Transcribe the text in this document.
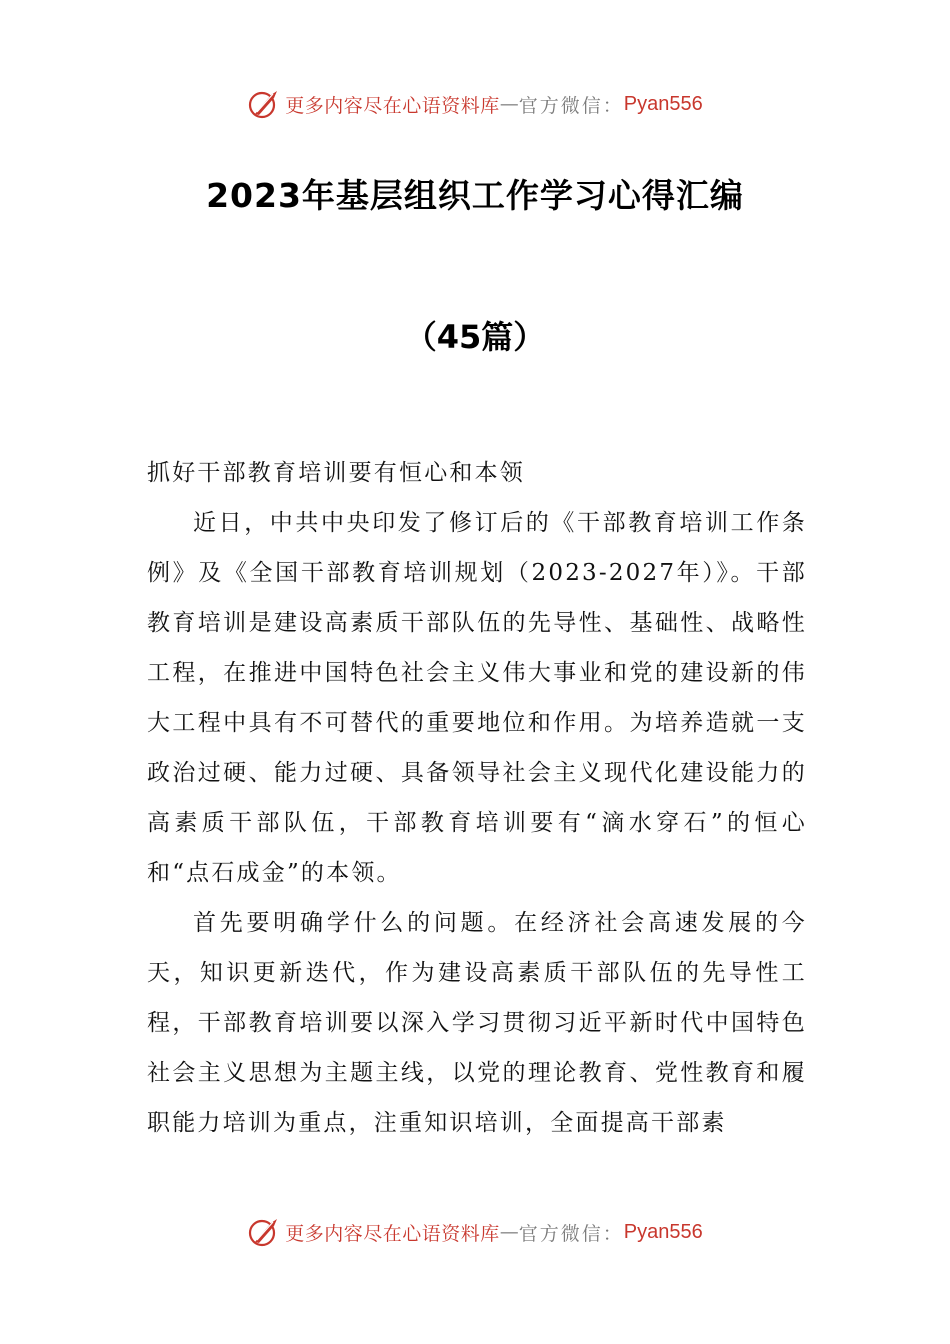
更多内容尽在心语资料库 — 官方微信： Pyan556
2023年基层组织工作学习心得汇编
（45篇）

抓好干部教育培训要有恒心和本领

近日，中共中央印发了修订后的《干部教育培训工作条例》及《全国干部教育培训规划（2023-2027年）》。干部教育培训是建设高素质干部队伍的先导性、基础性、战略性工程，在推进中国特色社会主义伟大事业和党的建设新的伟大工程中具有不可替代的重要地位和作用。为培养造就一支政治过硬、能力过硬、具备领导社会主义现代化建设能力的高素质干部队伍，干部教育培训要有“滴水穿石”的恒心和“点石成金”的本领。

首先要明确学什么的问题。在经济社会高速发展的今天，知识更新迭代，作为建设高素质干部队伍的先导性工程，干部教育培训要以深入学习贯彻习近平新时代中国特色社会主义思想为主题主线，以党的理论教育、党性教育和履职能力培训为重点，注重知识培训，全面提高干部素

更多内容尽在心语资料库 — 官方微信： Pyan556
